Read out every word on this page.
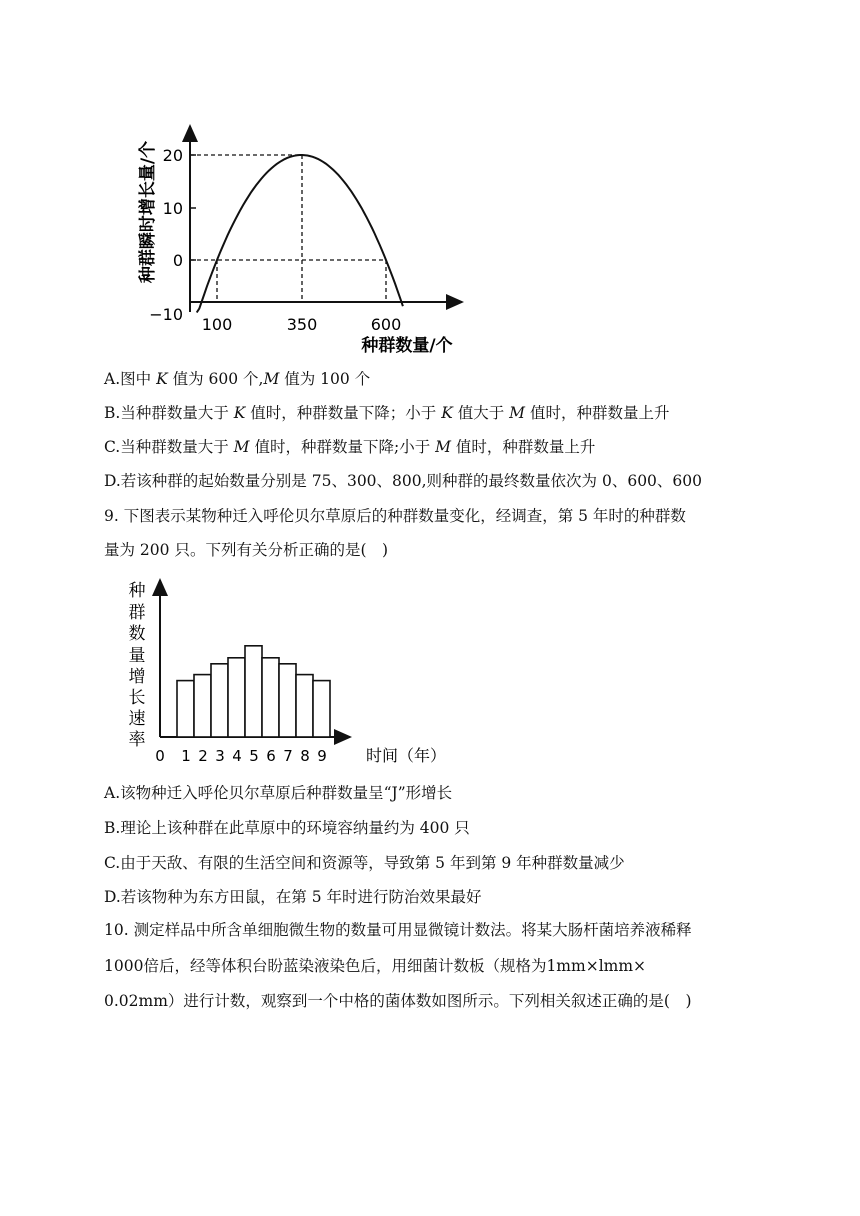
20
10
0
−10
100	350	600
种群瞬时增长量/个
种群数量/个
A.图中 K 值为 600 个,M 值为 100 个
B.当种群数量大于 K 值时，种群数量下降；小于 K 值大于 M 值时，种群数量上升
C.当种群数量大于 M 值时，种群数量下降;小于 M 值时，种群数量上升
D.若该种群的起始数量分别是 75、300、800,则种群的最终数量依次为 0、600、600
9. 下图表示某物种迁入呼伦贝尔草原后的种群数量变化，经调查，第 5 年时的种群数
量为 200 只。下列有关分析正确的是(　)
种
群
数
量
增
长
速
率
0 1 2 3 4 5 6 7 8 9 时间（年）
A.该物种迁入呼伦贝尔草原后种群数量呈“J”形增长
B.理论上该种群在此草原中的环境容纳量约为 400 只
C.由于天敌、有限的生活空间和资源等，导致第 5 年到第 9 年种群数量减少
D.若该物种为东方田鼠，在第 5 年时进行防治效果最好
10. 测定样品中所含单细胞微生物的数量可用显微镜计数法。将某大肠杆菌培养液稀释
1000倍后，经等体积台盼蓝染液染色后，用细菌计数板（规格为1mm×lmm×
0.02mm）进行计数，观察到一个中格的菌体数如图所示。下列相关叙述正确的是(　)
